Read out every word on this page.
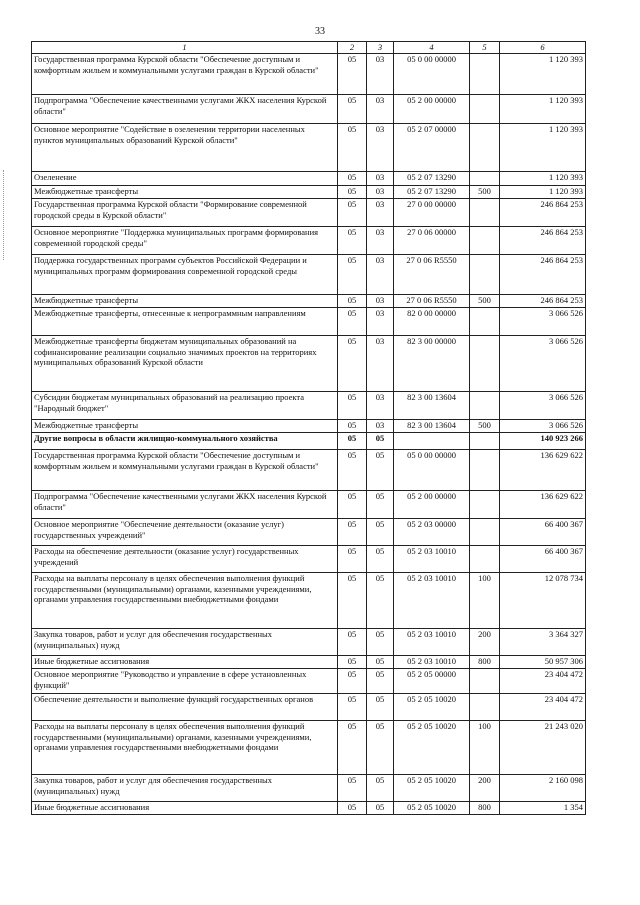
33
1	2	3	4	5	6
Государственная программа Курской области "Обеспечение доступным и комфортным жильем и коммунальными услугами граждан в Курской области"	05	03	05 0 00 00000		1 120 393
Подпрограмма "Обеспечение качественными услугами ЖКХ населения Курской области"	05	03	05 2 00 00000		1 120 393
Основное мероприятие "Содействие в озеленении территории населенных пунктов муниципальных образований Курской области"	05	03	05 2 07 00000		1 120 393
Озеленение	05	03	05 2 07 13290		1 120 393
Межбюджетные трансферты	05	03	05 2 07 13290	500	1 120 393
Государственная программа Курской области "Формирование современной городской среды в Курской области"	05	03	27 0 00 00000		246 864 253
Основное мероприятие "Поддержка муниципальных программ формирования современной городской среды"	05	03	27 0 06 00000		246 864 253
Поддержка государственных программ субъектов Российской Федерации и муниципальных программ формирования современной городской среды	05	03	27 0 06 R5550		246 864 253
Межбюджетные трансферты	05	03	27 0 06 R5550	500	246 864 253
Межбюджетные трансферты, отнесенные к непрограммным направлениям	05	03	82 0 00 00000		3 066 526
Межбюджетные трансферты бюджетам муниципальных образований на софинансирование реализации социально значимых проектов на территориях муниципальных образований Курской области	05	03	82 3 00 00000		3 066 526
Субсидии бюджетам муниципальных образований на реализацию проекта "Народный бюджет"	05	03	82 3 00 13604		3 066 526
Межбюджетные трансферты	05	03	82 3 00 13604	500	3 066 526
Другие вопросы в области жилищно-коммунального хозяйства	05	05			140 923 266
Государственная программа Курской области "Обеспечение доступным и комфортным жильем и коммунальными услугами граждан в Курской области"	05	05	05 0 00 00000		136 629 622
Подпрограмма "Обеспечение качественными услугами ЖКХ населения Курской области"	05	05	05 2 00 00000		136 629 622
Основное мероприятие "Обеспечение деятельности (оказание услуг) государственных учреждений"	05	05	05 2 03 00000		66 400 367
Расходы на обеспечение деятельности (оказание услуг) государственных учреждений	05	05	05 2 03 10010		66 400 367
Расходы на выплаты персоналу в целях обеспечения выполнения функций государственными (муниципальными) органами, казенными учреждениями, органами управления государственными внебюджетными фондами	05	05	05 2 03 10010	100	12 078 734
Закупка товаров, работ и услуг для обеспечения государственных (муниципальных) нужд	05	05	05 2 03 10010	200	3 364 327
Иные бюджетные ассигнования	05	05	05 2 03 10010	800	50 957 306
Основное мероприятие "Руководство и управление в сфере установленных функций"	05	05	05 2 05 00000		23 404 472
Обеспечение деятельности и выполнение функций государственных органов	05	05	05 2 05 10020		23 404 472
Расходы на выплаты персоналу в целях обеспечения выполнения функций государственными (муниципальными) органами, казенными учреждениями, органами управления государственными внебюджетными фондами	05	05	05 2 05 10020	100	21 243 020
Закупка товаров, работ и услуг для обеспечения государственных (муниципальных) нужд	05	05	05 2 05 10020	200	2 160 098
Иные бюджетные ассигнования	05	05	05 2 05 10020	800	1 354
